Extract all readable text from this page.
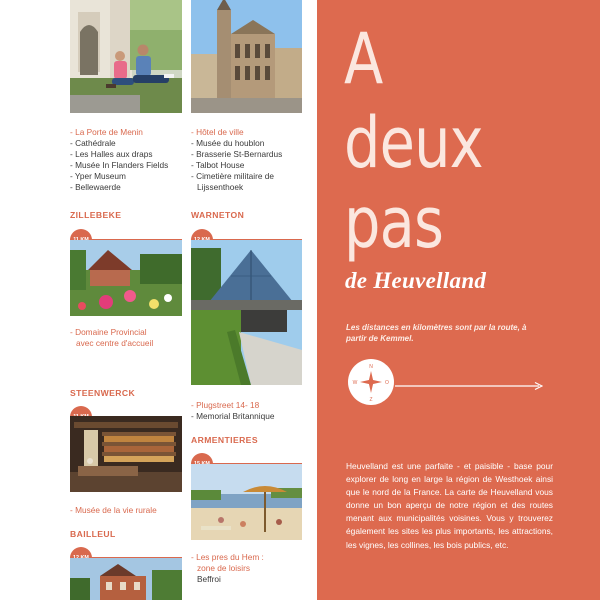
- La Porte de Menin
- Cathédrale
- Les Halles aux draps
- Musée In Flanders Fields
- Yper Museum
- Bellewaerde
ZILLEBEKE
- Domaine Provincial
avec centre d'accueil
STEENWERCK
- Musée de la vie rurale
BAILLEUL
- Hôtel de ville
- Musée du houblon
- Brasserie St-Bernardus
- Talbot House
- Cimetière militaire de
Lijssenthoek
WARNETON
- Plugstreet 14- 18
- Memorial Britannique
ARMENTIERES
- Les pres du Hem :
zone de loisirs
Beffroi
A
deux
pas
de Heuvelland
Les distances en kilomètres sont par la route, à partir de Kemmel.
N
Z
O
W
Heuvelland est une parfaite - et paisible - base pour explorer de long en large la région de Westhoek ainsi que le nord de la France. La carte de Heuvelland vous donne un bon aperçu de notre région et des routes menant aux municipalités voisines. Vous y trouverez également les sites les plus importants, les attractions, les vignes, les collines, les bois publics, etc.
